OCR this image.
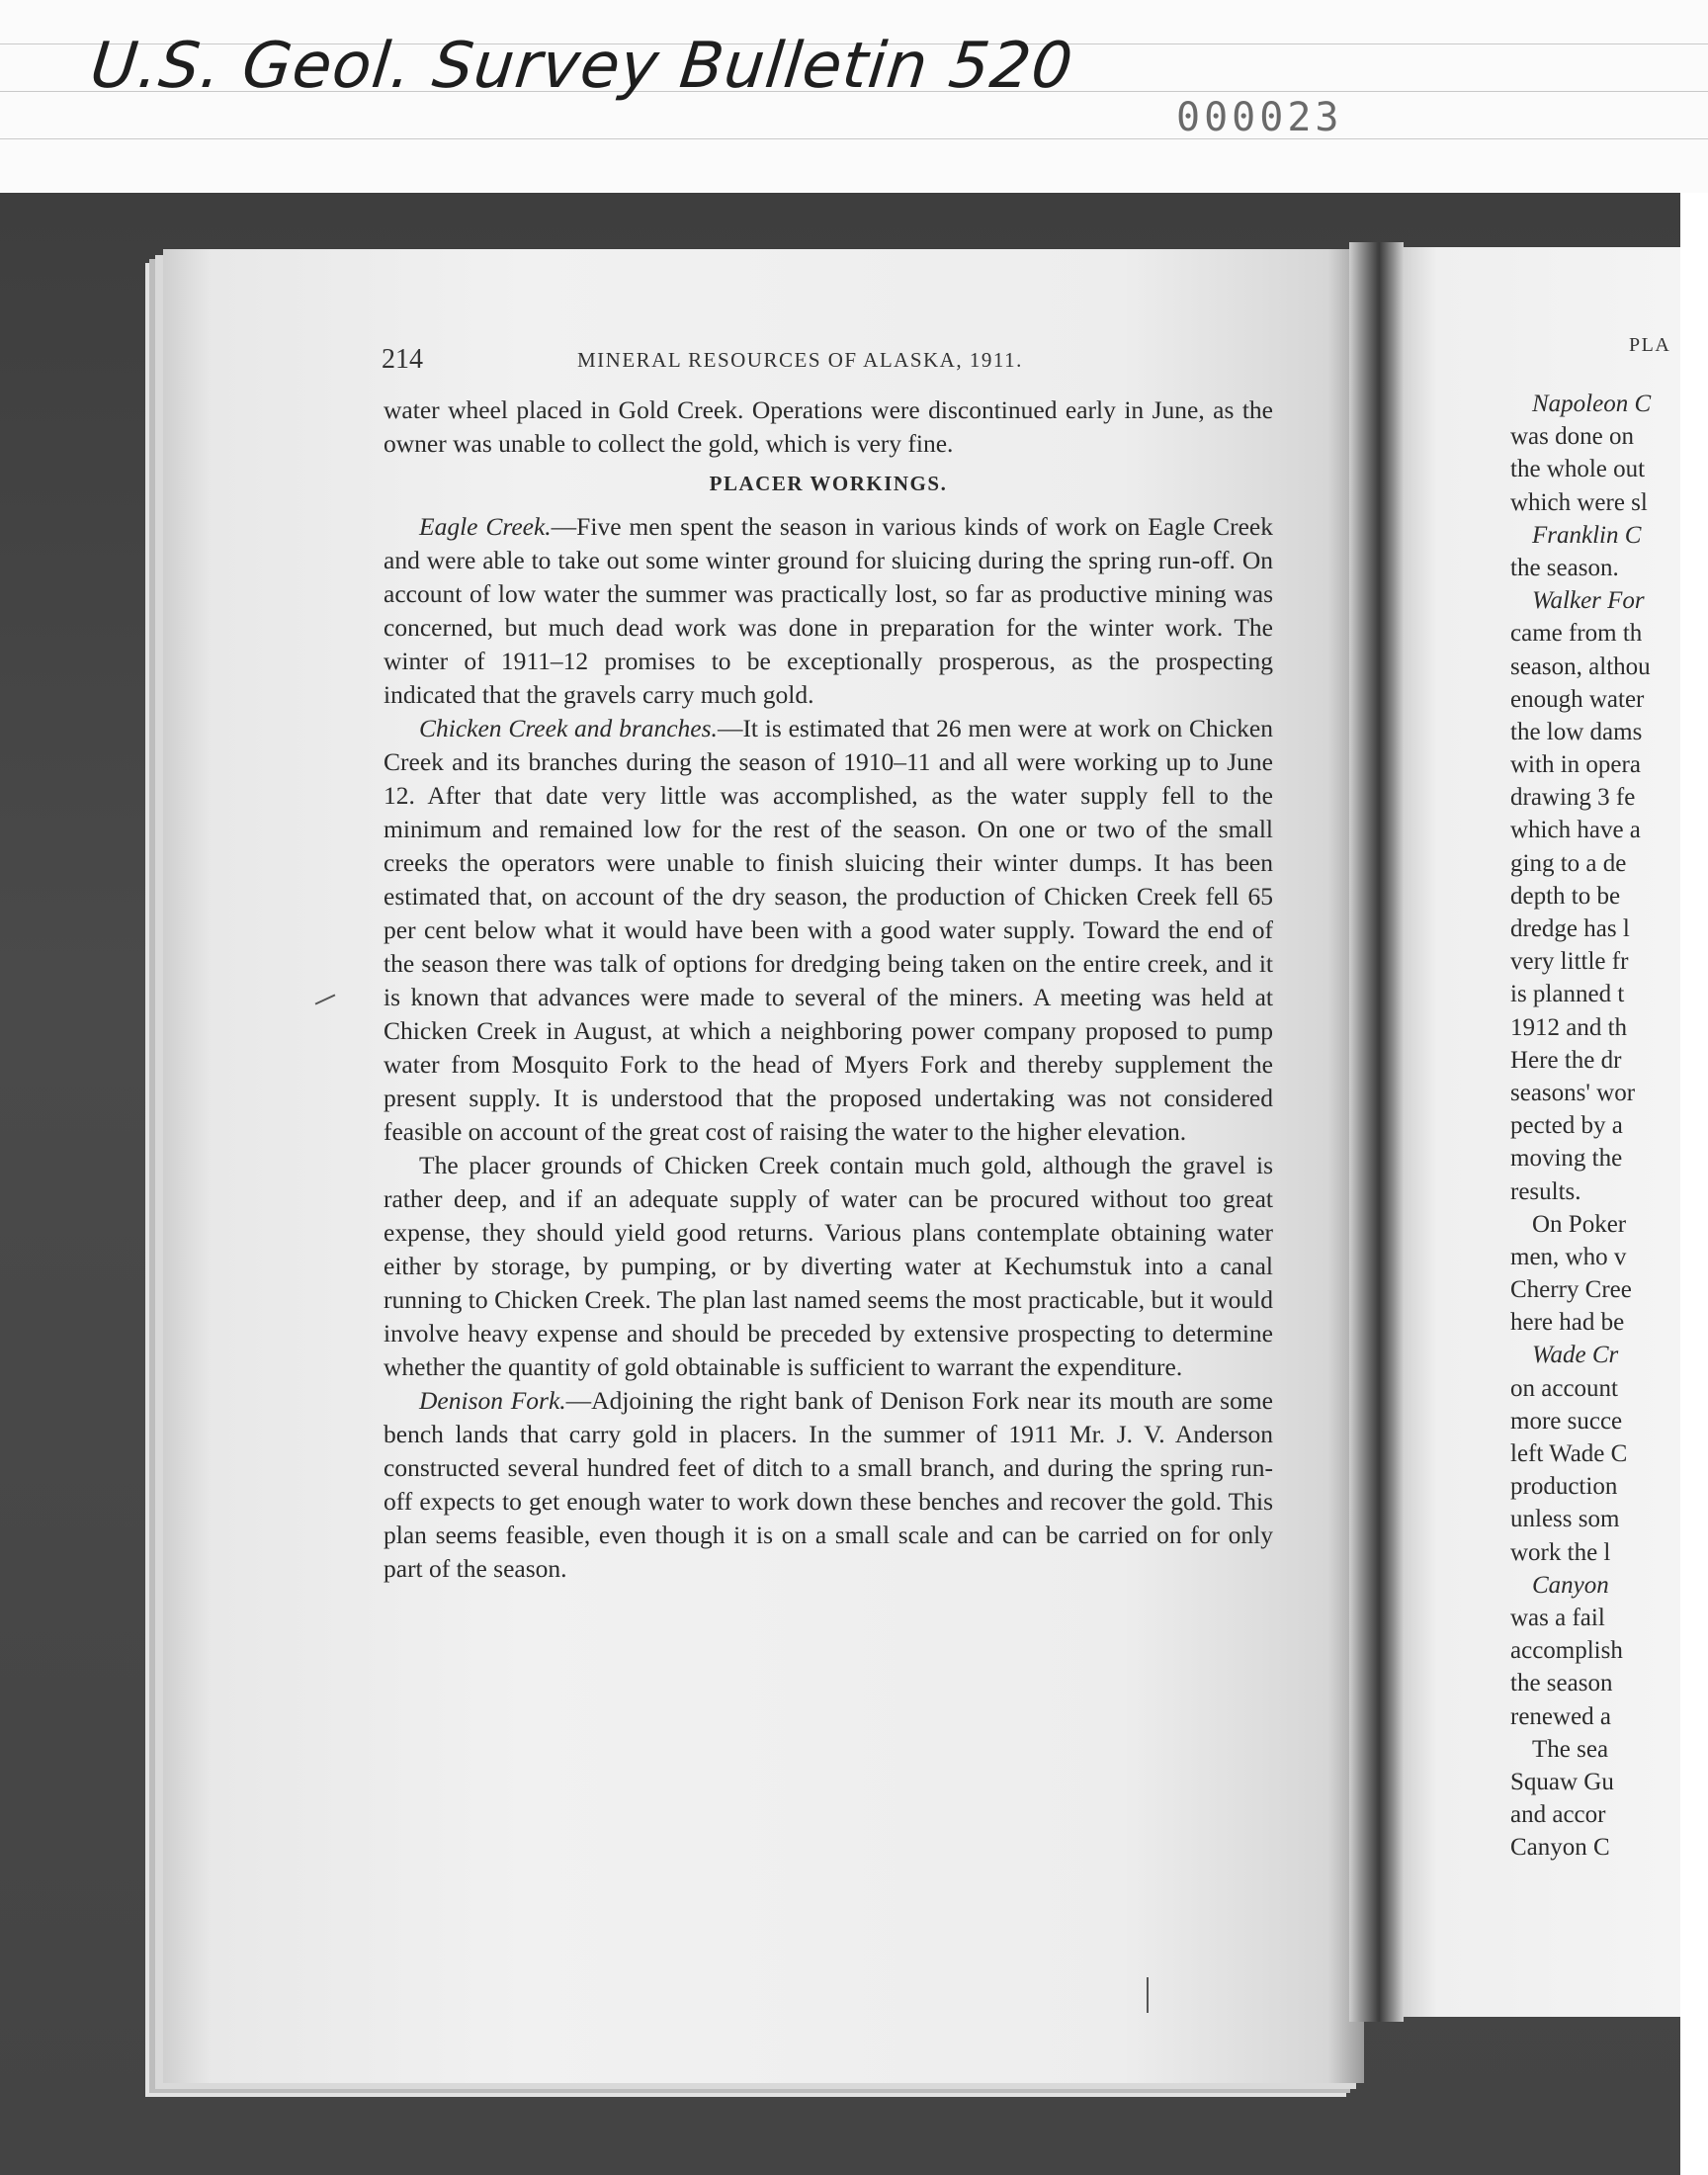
U.S. Geol. Survey Bulletin 520
000023
214	MINERAL RESOURCES OF ALASKA, 1911.

water wheel placed in Gold Creek. Operations were discontinued early in June, as the owner was unable to collect the gold, which is very fine.

PLACER WORKINGS.

Eagle Creek.—Five men spent the season in various kinds of work on Eagle Creek and were able to take out some winter ground for sluicing during the spring run-off. On account of low water the summer was practically lost, so far as productive mining was concerned, but much dead work was done in preparation for the winter work. The winter of 1911–12 promises to be exceptionally prosperous, as the prospecting indicated that the gravels carry much gold.

Chicken Creek and branches.—It is estimated that 26 men were at work on Chicken Creek and its branches during the season of 1910–11 and all were working up to June 12. After that date very little was accomplished, as the water supply fell to the minimum and remained low for the rest of the season. On one or two of the small creeks the operators were unable to finish sluicing their winter dumps. It has been estimated that, on account of the dry season, the production of Chicken Creek fell 65 per cent below what it would have been with a good water supply. Toward the end of the season there was talk of options for dredging being taken on the entire creek, and it is known that advances were made to several of the miners. A meeting was held at Chicken Creek in August, at which a neighboring power company proposed to pump water from Mosquito Fork to the head of Myers Fork and thereby supplement the present supply. It is understood that the proposed undertaking was not considered feasible on account of the great cost of raising the water to the higher elevation.

The placer grounds of Chicken Creek contain much gold, although the gravel is rather deep, and if an adequate supply of water can be procured without too great expense, they should yield good returns. Various plans contemplate obtaining water either by storage, by pumping, or by diverting water at Kechumstuk into a canal running to Chicken Creek. The plan last named seems the most practicable, but it would involve heavy expense and should be preceded by extensive prospecting to determine whether the quantity of gold obtainable is sufficient to warrant the expenditure.

Denison Fork.—Adjoining the right bank of Denison Fork near its mouth are some bench lands that carry gold in placers. In the summer of 1911 Mr. J. V. Anderson constructed several hundred feet of ditch to a small branch, and during the spring run-off expects to get enough water to work down these benches and recover the gold. This plan seems feasible, even though it is on a small scale and can be carried on for only part of the season.

PLA
Napoleon C
was done on
the whole out
which were sl
Franklin C
the season.
Walker For
came from th
season, althou
enough water
the low dams
with in opera
drawing 3 fe
which have a
ging to a de
depth to be
dredge has l
very little fr
is planned t
1912 and th
Here the dr
seasons' wor
pected by a
moving the
results.
On Poker
men, who v
Cherry Cree
here had be
Wade Cr
on account
more succe
left Wade C
production
unless som
work the l
Canyon
was a fail
accomplish
the season
renewed a
The sea
Squaw Gu
and accor
Canyon C
